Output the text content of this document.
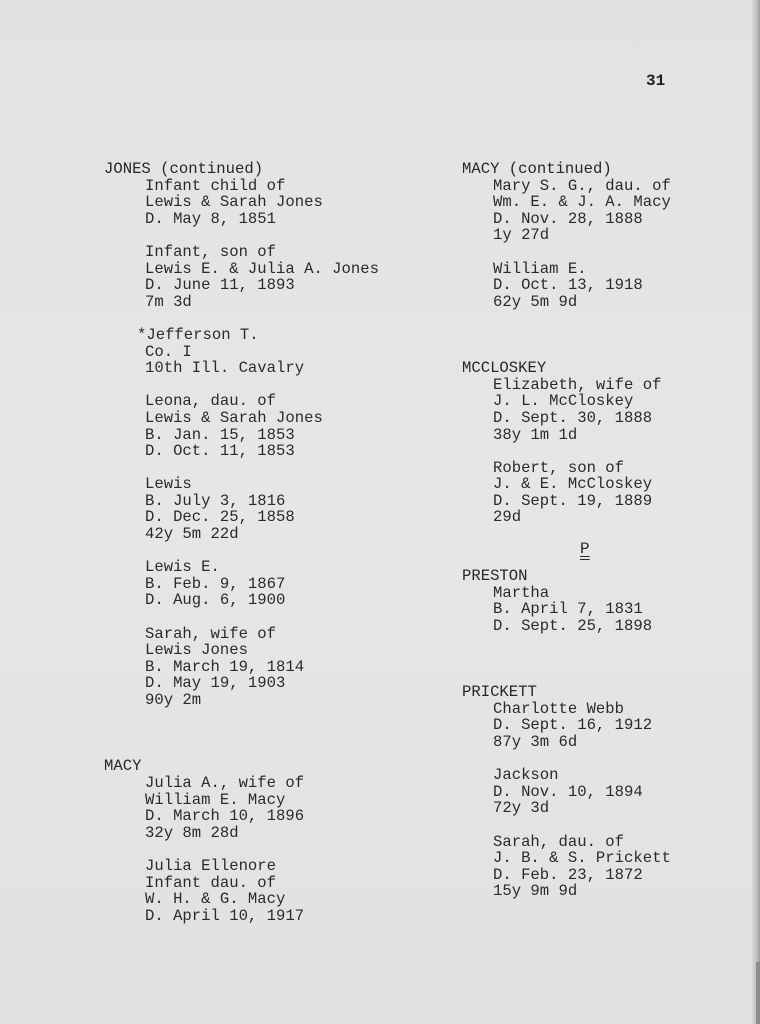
31
JONES (continued)
Infant child of
Lewis & Sarah Jones
D. May 8, 1851
Infant, son of
Lewis E. & Julia A. Jones
D. June 11, 1893
7m 3d
*Jefferson T.
Co. I
10th Ill. Cavalry
Leona, dau. of
Lewis & Sarah Jones
B. Jan. 15, 1853
D. Oct. 11, 1853
Lewis
B. July 3, 1816
D. Dec. 25, 1858
42y 5m 22d
Lewis E.
B. Feb. 9, 1867
D. Aug. 6, 1900
Sarah, wife of
Lewis Jones
B. March 19, 1814
D. May 19, 1903
90y 2m
MACY
Julia A., wife of
William E. Macy
D. March 10, 1896
32y 8m 28d
Julia Ellenore
Infant dau. of
W. H. & G. Macy
D. April 10, 1917
MACY (continued)
Mary S. G., dau. of
Wm. E. & J. A. Macy
D. Nov. 28, 1888
1y 27d
William E.
D. Oct. 13, 1918
62y 5m 9d
MCCLOSKEY
Elizabeth, wife of
J. L. McCloskey
D. Sept. 30, 1888
38y 1m 1d
Robert, son of
J. & E. McCloskey
D. Sept. 19, 1889
29d
P
PRESTON
Martha
B. April 7, 1831
D. Sept. 25, 1898
PRICKETT
Charlotte Webb
D. Sept. 16, 1912
87y 3m 6d
Jackson
D. Nov. 10, 1894
72y 3d
Sarah, dau. of
J. B. & S. Prickett
D. Feb. 23, 1872
15y 9m 9d
